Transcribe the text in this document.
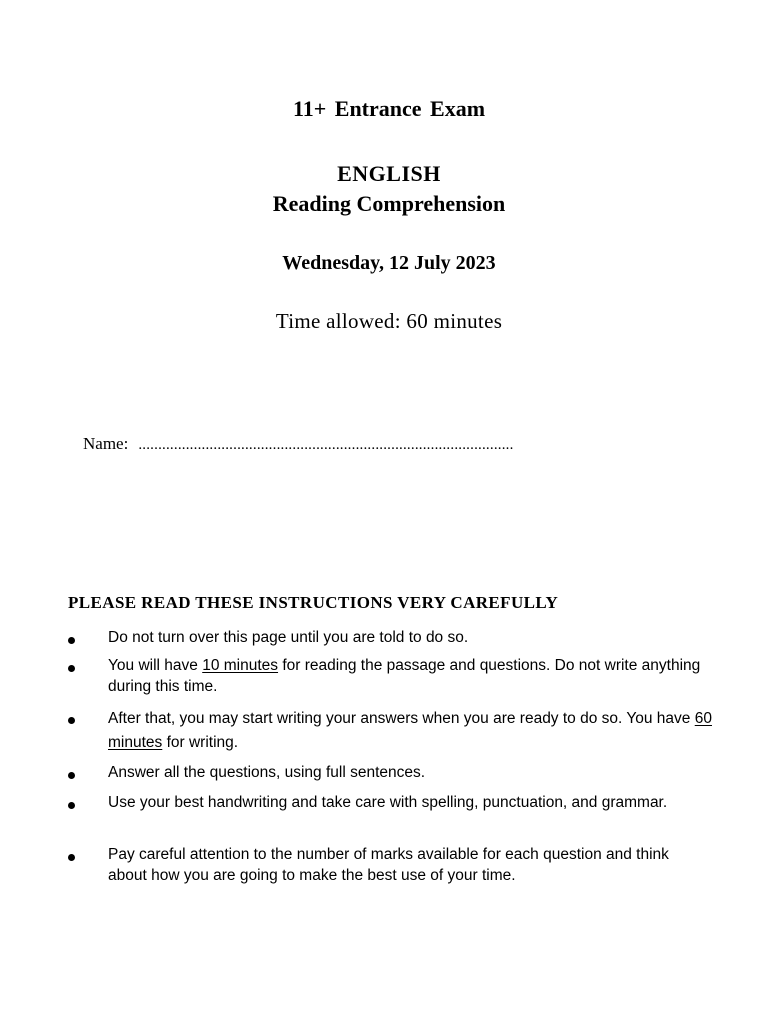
11+ Entrance Exam
ENGLISH
Reading Comprehension
Wednesday, 12 July 2023
Time allowed: 60 minutes
Name: ...............................................................................................
PLEASE READ THESE INSTRUCTIONS VERY CAREFULLY
Do not turn over this page until you are told to do so.
You will have 10 minutes for reading the passage and questions. Do not write anything during this time.
After that, you may start writing your answers when you are ready to do so. You have 60 minutes for writing.
Answer all the questions, using full sentences.
Use your best handwriting and take care with spelling, punctuation, and grammar.
Pay careful attention to the number of marks available for each question and think about how you are going to make the best use of your time.
